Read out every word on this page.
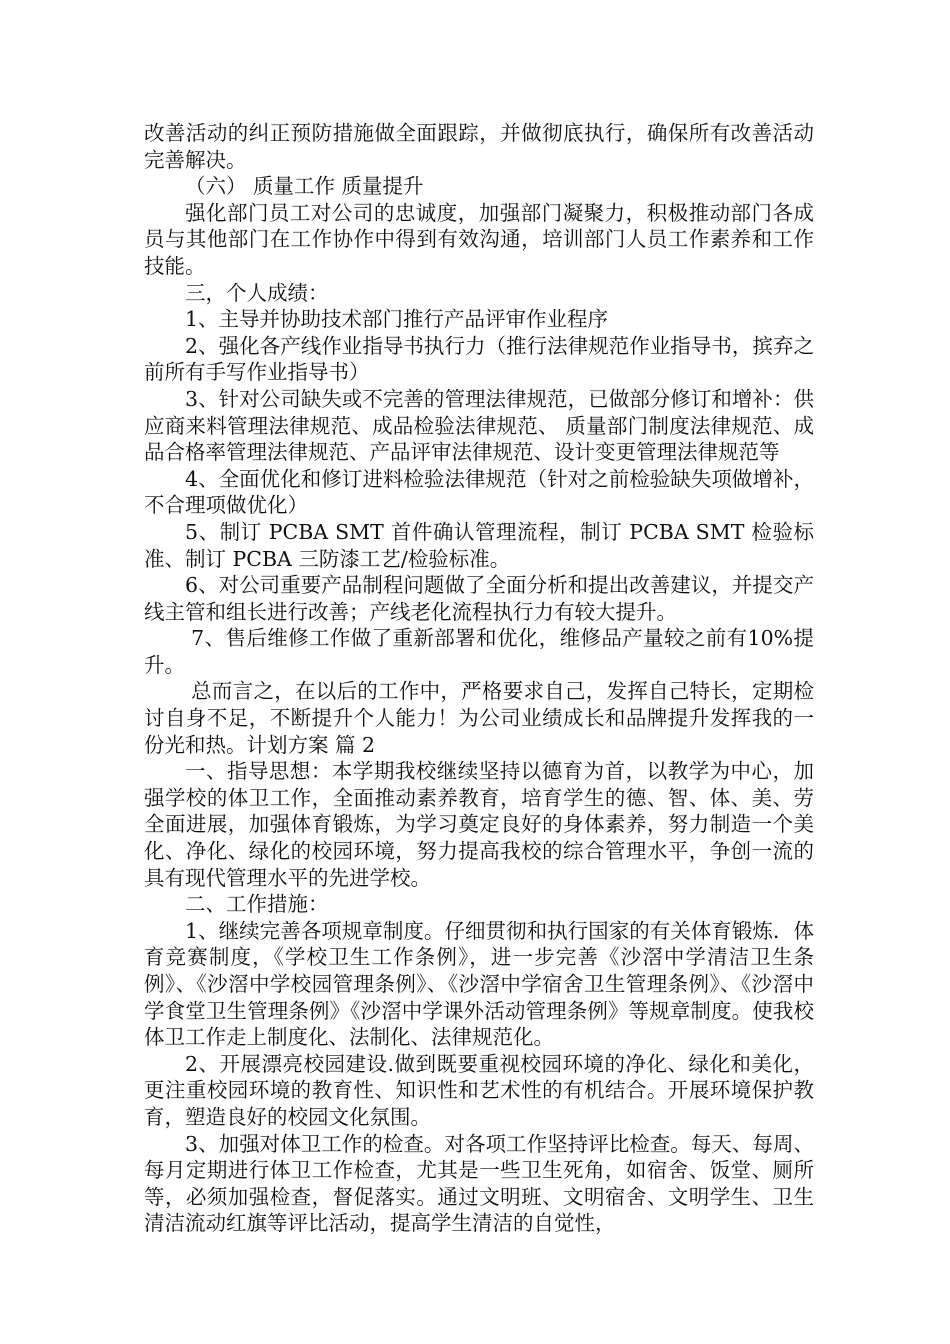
改善活动的纠正预防措施做全面跟踪，并做彻底执行，确保所有改善活动完善解决。

（六） 质量工作 质量提升

强化部门员工对公司的忠诚度，加强部门凝聚力，积极推动部门各成员与其他部门在工作协作中得到有效沟通，培训部门人员工作素养和工作技能。

三，个人成绩：

1、主导并协助技术部门推行产品评审作业程序

2、强化各产线作业指导书执行力（推行法律规范作业指导书，摈弃之前所有手写作业指导书）

3、针对公司缺失或不完善的管理法律规范，已做部分修订和增补：供应商来料管理法律规范、成品检验法律规范、 质量部门制度法律规范、成品合格率管理法律规范、产品评审法律规范、设计变更管理法律规范等

4、全面优化和修订进料检验法律规范（针对之前检验缺失项做增补，不合理项做优化）

5、制订 PCBA SMT 首件确认管理流程，制订 PCBA SMT 检验标准、制订 PCBA 三防漆工艺/检验标准。

6、对公司重要产品制程问题做了全面分析和提出改善建议，并提交产线主管和组长进行改善；产线老化流程执行力有较大提升。

7、售后维修工作做了重新部署和优化，维修品产量较之前有10%提升。

总而言之，在以后的工作中，严格要求自己，发挥自己特长，定期检讨自身不足，不断提升个人能力！为公司业绩成长和品牌提升发挥我的一份光和热。计划方案 篇 2

一、指导思想：本学期我校继续坚持以德育为首，以教学为中心，加强学校的体卫工作，全面推动素养教育，培育学生的德、智、体、美、劳全面进展，加强体育锻炼，为学习奠定良好的身体素养，努力制造一个美化、净化、绿化的校园环境，努力提高我校的综合管理水平，争创一流的具有现代管理水平的先进学校。

二、工作措施：

1、继续完善各项规章制度。仔细贯彻和执行国家的有关体育锻炼．体育竞赛制度，《学校卫生工作条例》，进一步完善《沙滘中学清洁卫生条例》、《沙滘中学校园管理条例》、《沙滘中学宿舍卫生管理条例》、《沙滘中学食堂卫生管理条例》《沙滘中学课外活动管理条例》等规章制度。使我校体卫工作走上制度化、法制化、法律规范化。

2、开展漂亮校园建设.做到既要重视校园环境的净化、绿化和美化，更注重校园环境的教育性、知识性和艺术性的有机结合。开展环境保护教育，塑造良好的校园文化氛围。

3、加强对体卫工作的检查。对各项工作坚持评比检查。每天、每周、每月定期进行体卫工作检查，尤其是一些卫生死角，如宿舍、饭堂、厕所等，必须加强检查，督促落实。通过文明班、文明宿舍、文明学生、卫生清洁流动红旗等评比活动，提高学生清洁的自觉性，
